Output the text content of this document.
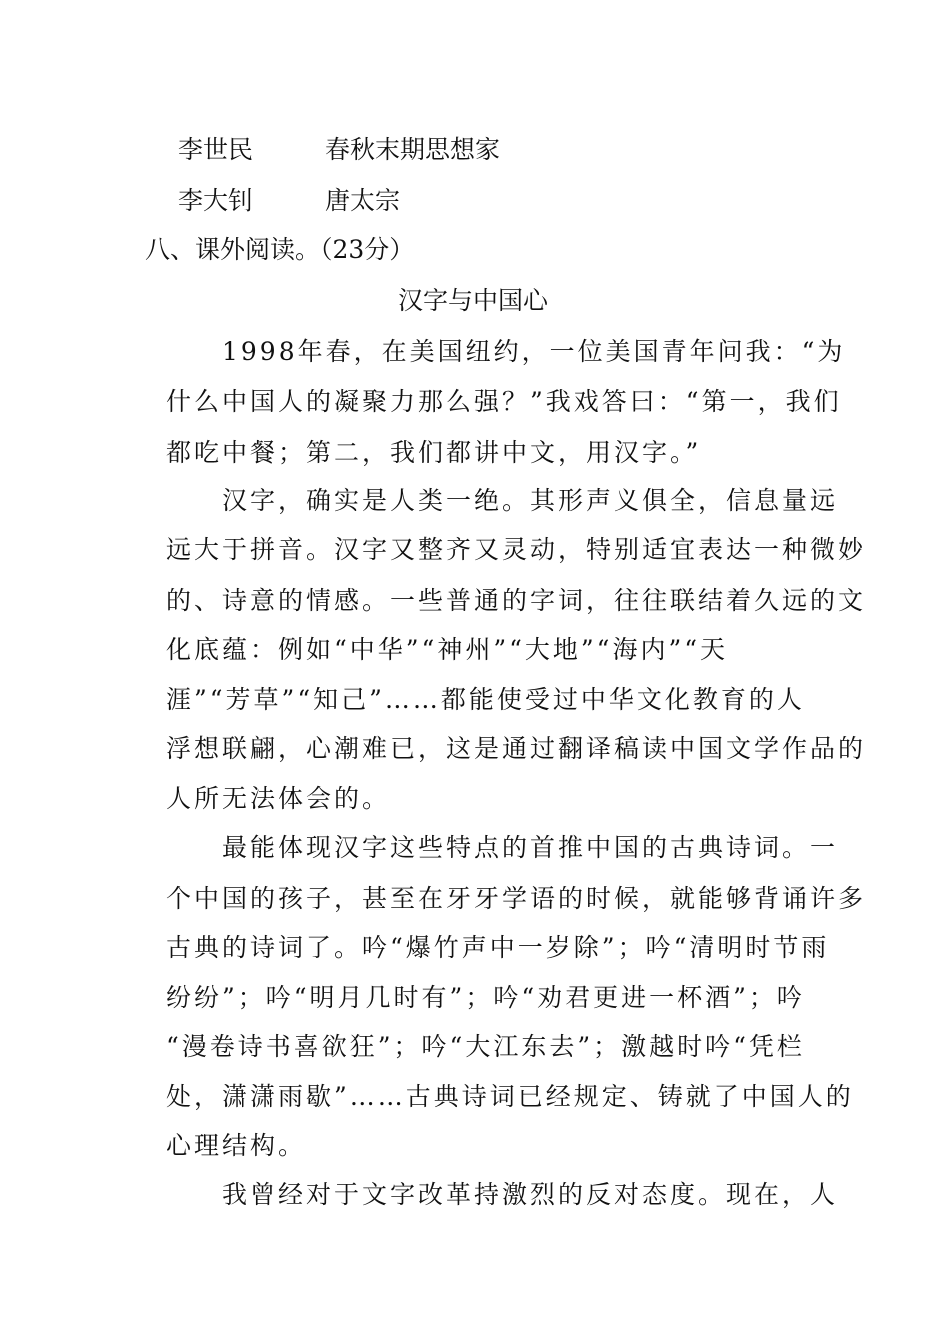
李世民	春秋末期思想家
李大钊	唐太宗
八、课外阅读。（23分）
汉字与中国心
1998年春，在美国纽约，一位美国青年问我：“为
什么中国人的凝聚力那么强？”我戏答曰：“第一，我们
都吃中餐；第二，我们都讲中文，用汉字。”
汉字，确实是人类一绝。其形声义俱全，信息量远
远大于拼音。汉字又整齐又灵动，特别适宜表达一种微妙
的、诗意的情感。一些普通的字词，往往联结着久远的文
化底蕴：例如“中华”“神州”“大地”“海内”“天
涯”“芳草”“知己”……都能使受过中华文化教育的人
浮想联翩，心潮难已，这是通过翻译稿读中国文学作品的
人所无法体会的。
最能体现汉字这些特点的首推中国的古典诗词。一
个中国的孩子，甚至在牙牙学语的时候，就能够背诵许多
古典的诗词了。吟“爆竹声中一岁除”；吟“清明时节雨
纷纷”；吟“明月几时有”；吟“劝君更进一杯酒”；吟
“漫卷诗书喜欲狂”；吟“大江东去”；激越时吟“凭栏
处，潇潇雨歇”……古典诗词已经规定、铸就了中国人的
心理结构。
我曾经对于文字改革持激烈的反对态度。现在，人
